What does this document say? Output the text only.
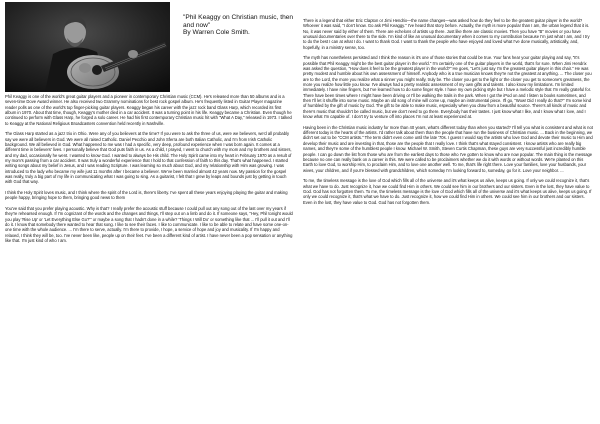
"Phil Keaggy on Christian music, then and now"
By Warren Cole Smith.

Phil Keaggy is one of the world's great guitar players and a pioneer in contemporary Christian music (CCM). He's released more than 50 albums and is a seven-time Dove Award winner. He also received two Grammy nominations for best rock gospel album. He's frequently listed in Guitar Player magazine reader polls as one of the world's top finger-picking guitar players. Keaggy began his career with the jazz rock band Glass Harp, which recorded its first album in 1970. About that time, though, Keaggy's mother died in a car accident. It was a turning point in his life. Keaggy became a Christian. Even though he continued to perform with Glass Harp, he forged a solo career. He had his first contemporary Christian music hit with "What A Day," released in 1973. I talked to Keaggy at the National Religious Broadcasters convention held recently in Nashville.

The Glass Harp started as a jazz trio in Ohio. Were any of you believers at the time? If you were to ask the three of us, were we believers, we'd all probably say we were all believers in God. We were all raised Catholic. Daniel Pecchio and John Sferra are both Italian Catholic, and I'm from Irish Catholic background. We all believed in God. What happened to me was I had a specific, very deep, profound experience when I was born again. It comes at a different time in believers' lives. I personally believe that God puts faith in us. As a child, I prayed, I went to church with my mom and my brothers and sisters, and my dad, occasionally he went. I wanted to know God. I wanted to always be His child. The Holy Spirit came into my heart in February 1970 as a result of my mom's passing from a car accident. It was truly a wonderful experience that I hold to that confession of faith to this day. That's what happened. I started writing songs about my belief in Jesus, and I was reading Scripture. I was learning so much about God, and my relationship with Him was growing. I was introduced to the lady who became my wife just 11 months after I became a believer. We've been married almost 42 years now. My passion for the gospel was really, truly a big part of my life in communicating what I was going to sing. As a guitarist, I felt that I grew by leaps and bounds just by getting in touch with God that way.

I think the Holy Spirit loves music, and I think where the spirit of the Lord is, there's liberty. I've spent all these years enjoying playing the guitar and making people happy, bringing hope to them, bringing good news to them

You've said that you prefer playing acoustic. Why is that? I really prefer the acoustic stuff because I could pull out any song out of the last over my years if they're rehearsed enough. If I'm cognizant of the words and the changes and things, I'll step out on a limb and do it. If someone says, "Hey, Phil tonight would you play 'Rise Up' or 'Let Everything Else Go?'" or maybe a song that I hadn't done in a while? 'Things I Will Do' or something like that ... I'll pull it out and I'll do it. I know that somebody there wanted to hear that song. I like to see their faces. I like to communicate. I like to be able to relate and have some one-on-one time with the whole audience. ... I'm there to serve, actually. I'm there to provide, I hope, a service of hope and joy and musicality. If I'm happy and relaxed, I think they will be, too. I've never been like, people up on their feet. I've been a different kind of artist. I have never been a pop sensation or anything like that. I'm just kind of who I am.

There is a legend that either Eric Clapton or Jimi Hendrix—the name changes—was asked how do they feel to be the greatest guitar player in the world? Whoever it was said, "I don't know. Go ask Phil Keaggy." I've heard that story before. Actually, the myth is more popular than I am, the urban legend that it is. No, it was never said by either of them. There are echelons of artists up there. Just like there are classic movies. Then you have "B" movies or you have unusual documentaries over there to the side. I'm kind of like an unusual documentary when it comes to my contribution because I'm just what I am, and I try to do the best I can at what I do. I want to thank God. I want to thank the people who have enjoyed and loved what I've done musically, artistically, and, hopefully, in a ministry sense, too.

The myth has nonetheless persisted and I think the reason is it's one of those stories that could be true. Your fans hear your guitar playing and say, "It's possible that Phil Keaggy might be the best guitar player in the world." I'm certainly one of the guitar players in the world, that's for sure. When Jimi Hendrix was asked the question, "How does it feel to be the greatest player in the world?" He goes, "Let's just say I'm the greatest guitar player in this chair." He was pretty modest and humble about his own assessment of himself. Anybody who is a true musician knows they're not the greatest at anything. ... The closer you are to the Lord, the more you realize what a sinner you might really, truly be. The closer you get to the light or the closer you get to someone's greatness, the more you realize how little you know. I've always had a pretty realistic assessment of my own gifts and talents. I also know my limitations. I'm limited immediately. I have nine fingers, but I've learned how to do some finger style. I have my own picking style but I have a melodic style that I'm really grateful for. There have been times where I might have been driving or I'll be walking the trails in the park. When I got the iPod on and I listen to books sometimes, and then I'll let it shuffle into some music. Maybe an old song of mine will come up, maybe an instrumental piece. I'll go, "Wow! Did I really do that?" I'm some kind of humbled by the gift of music by God. The gift to be able to make music, especially when you draw from a beautiful source. There's all kinds of music and there's music that shouldn't be called music, but we don't need to go there. Everybody has their tastes. I just know what I like, and I know what I love, and I know what I'm capable of. I don't try to venture off into places I'm not at least experienced at.

Having been in the Christian music industry for more than 40 years, what's different today than when you started? I'll tell you what is consistent and what is not different today is the hearts of the artists. I'd rather talk about them than the people that have run the business of Christian music. ... Back in the beginning, we didn't set out to be "CCM artists." The term didn't even come until the late '70s. I guess I would say the artists who love God and devote their music to Him and develop their music and are investing in that, those are the people that I really love. I think that's what stayed consistent. I know artists who are really big names, and they're some of the humblest people I know. Michael W. Smith, Steven Curtis Chapman, these guys are very successful just incredibly humble people. I can go down the list from those who are from the earliest days to those who I've gotten to know who are now popular. The main thing is the message because no one can really bank on a career in this. We were called to be proclaimers whether we do it with words or without words. We're planted on this Earth to love God, to worship Him, to proclaim Him, and to love one another well. To me, that's life right there. Love your families, love your husbands, your wives, your children, and if you're blessed with grandchildren, which someday I'm looking forward to, someday, go for it. Love your neighbor. ...

To me, the timeless message is the love of God which fills all of the universe and it's what keeps us alive, keeps us going. If only we could recognize it, that's what we have to do. Just recognize it, how we could find Him in others. We could see him in our brothers and our sisters. Even in the lost, they have value to God. God has not forgotten them. To me, the timeless message is the love of God which fills all of the universe and it's what keeps us alive, keeps us going. If only we could recognize it, that's what we have to do. Just recognize it, how we could find Him in others. We could see him in our brothers and our sisters. Even in the lost, they have value to God. God has not forgotten them.
